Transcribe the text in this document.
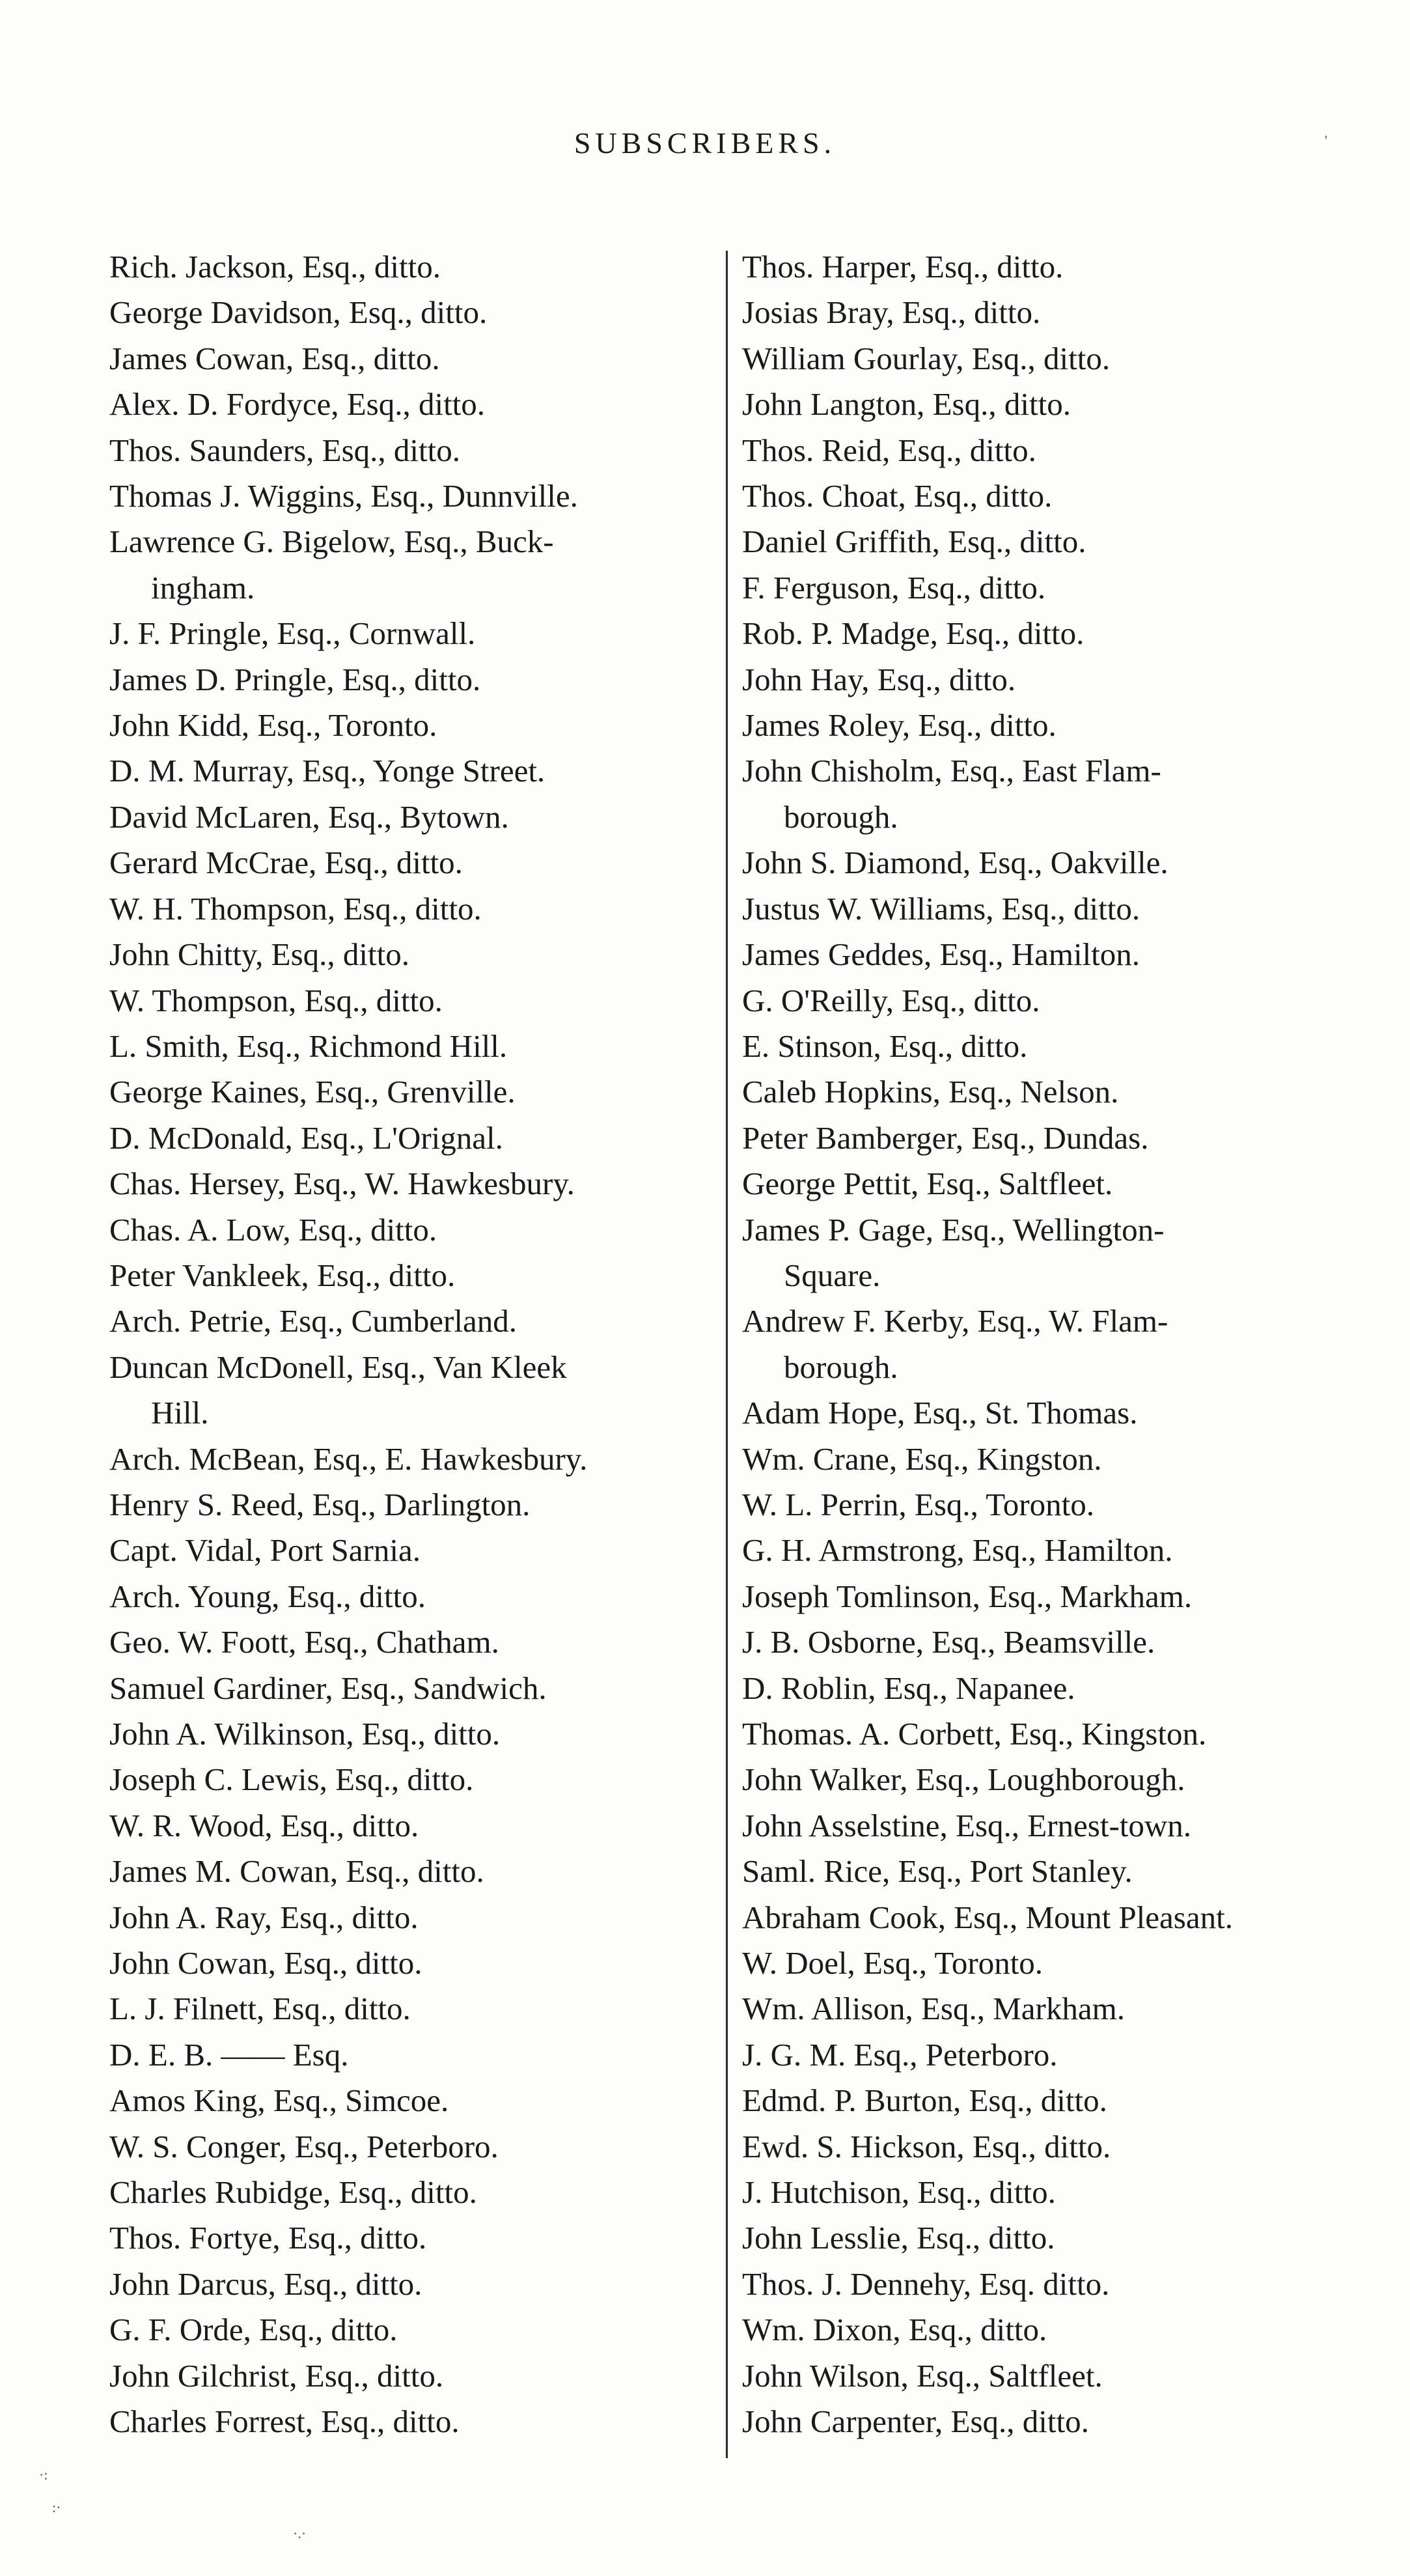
SUBSCRIBERS.
Rich. Jackson, Esq., ditto.
George Davidson, Esq., ditto.
James Cowan, Esq., ditto.
Alex. D. Fordyce, Esq., ditto.
Thos. Saunders, Esq., ditto.
Thomas J. Wiggins, Esq., Dunnville.
Lawrence G. Bigelow, Esq., Buck-
ingham.
J. F. Pringle, Esq., Cornwall.
James D. Pringle, Esq., ditto.
John Kidd, Esq., Toronto.
D. M. Murray, Esq., Yonge Street.
David McLaren, Esq., Bytown.
Gerard McCrae, Esq., ditto.
W. H. Thompson, Esq., ditto.
John Chitty, Esq., ditto.
W. Thompson, Esq., ditto.
L. Smith, Esq., Richmond Hill.
George Kaines, Esq., Grenville.
D. McDonald, Esq., L'Orignal.
Chas. Hersey, Esq., W. Hawkesbury.
Chas. A. Low, Esq., ditto.
Peter Vankleek, Esq., ditto.
Arch. Petrie, Esq., Cumberland.
Duncan McDonell, Esq., Van Kleek
Hill.
Arch. McBean, Esq., E. Hawkesbury.
Henry S. Reed, Esq., Darlington.
Capt. Vidal, Port Sarnia.
Arch. Young, Esq., ditto.
Geo. W. Foott, Esq., Chatham.
Samuel Gardiner, Esq., Sandwich.
John A. Wilkinson, Esq., ditto.
Joseph C. Lewis, Esq., ditto.
W. R. Wood, Esq., ditto.
James M. Cowan, Esq., ditto.
John A. Ray, Esq., ditto.
John Cowan, Esq., ditto.
L. J. Filnett, Esq., ditto.
D. E. B. —— Esq.
Amos King, Esq., Simcoe.
W. S. Conger, Esq., Peterboro.
Charles Rubidge, Esq., ditto.
Thos. Fortye, Esq., ditto.
John Darcus, Esq., ditto.
G. F. Orde, Esq., ditto.
John Gilchrist, Esq., ditto.
Charles Forrest, Esq., ditto.
Thos. Harper, Esq., ditto.
Josias Bray, Esq., ditto.
William Gourlay, Esq., ditto.
John Langton, Esq., ditto.
Thos. Reid, Esq., ditto.
Thos. Choat, Esq., ditto.
Daniel Griffith, Esq., ditto.
F. Ferguson, Esq., ditto.
Rob. P. Madge, Esq., ditto.
John Hay, Esq., ditto.
James Roley, Esq., ditto.
John Chisholm, Esq., East Flam-
borough.
John S. Diamond, Esq., Oakville.
Justus W. Williams, Esq., ditto.
James Geddes, Esq., Hamilton.
G. O'Reilly, Esq., ditto.
E. Stinson, Esq., ditto.
Caleb Hopkins, Esq., Nelson.
Peter Bamberger, Esq., Dundas.
George Pettit, Esq., Saltfleet.
James P. Gage, Esq., Wellington-
Square.
Andrew F. Kerby, Esq., W. Flam-
borough.
Adam Hope, Esq., St. Thomas.
Wm. Crane, Esq., Kingston.
W. L. Perrin, Esq., Toronto.
G. H. Armstrong, Esq., Hamilton.
Joseph Tomlinson, Esq., Markham.
J. B. Osborne, Esq., Beamsville.
D. Roblin, Esq., Napanee.
Thomas. A. Corbett, Esq., Kingston.
John Walker, Esq., Loughborough.
John Asselstine, Esq., Ernest-town.
Saml. Rice, Esq., Port Stanley.
Abraham Cook, Esq., Mount Pleasant.
W. Doel, Esq., Toronto.
Wm. Allison, Esq., Markham.
J. G. M. Esq., Peterboro.
Edmd. P. Burton, Esq., ditto.
Ewd. S. Hickson, Esq., ditto.
J. Hutchison, Esq., ditto.
John Lesslie, Esq., ditto.
Thos. J. Dennehy, Esq. ditto.
Wm. Dixon, Esq., ditto.
John Wilson, Esq., Saltfleet.
John Carpenter, Esq., ditto.
'
·:
:·
·.·
